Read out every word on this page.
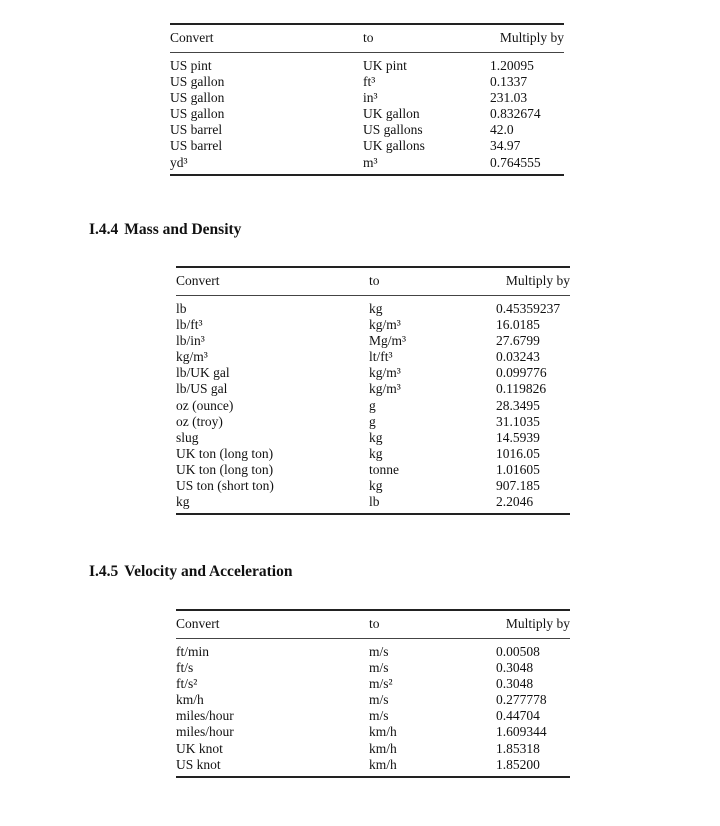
Convert	to	Multiply by
US pint	UK pint	1.20095
US gallon	ft³	0.1337
US gallon	in³	231.03
US gallon	UK gallon	0.832674
US barrel	US gallons	42.0
US barrel	UK gallons	34.97
yd³	m³	0.764555
I.4.4 Mass and Density
Convert	to	Multiply by
lb	kg	0.45359237
lb/ft³	kg/m³	16.0185
lb/in³	Mg/m³	27.6799
kg/m³	lt/ft³	0.03243
lb/UK gal	kg/m³	0.099776
lb/US gal	kg/m³	0.119826
oz (ounce)	g	28.3495
oz (troy)	g	31.1035
slug	kg	14.5939
UK ton (long ton)	kg	1016.05
UK ton (long ton)	tonne	1.01605
US ton (short ton)	kg	907.185
kg	lb	2.2046
I.4.5 Velocity and Acceleration
Convert	to	Multiply by
ft/min	m/s	0.00508
ft/s	m/s	0.3048
ft/s²	m/s²	0.3048
km/h	m/s	0.277778
miles/hour	m/s	0.44704
miles/hour	km/h	1.609344
UK knot	km/h	1.85318
US knot	km/h	1.85200
